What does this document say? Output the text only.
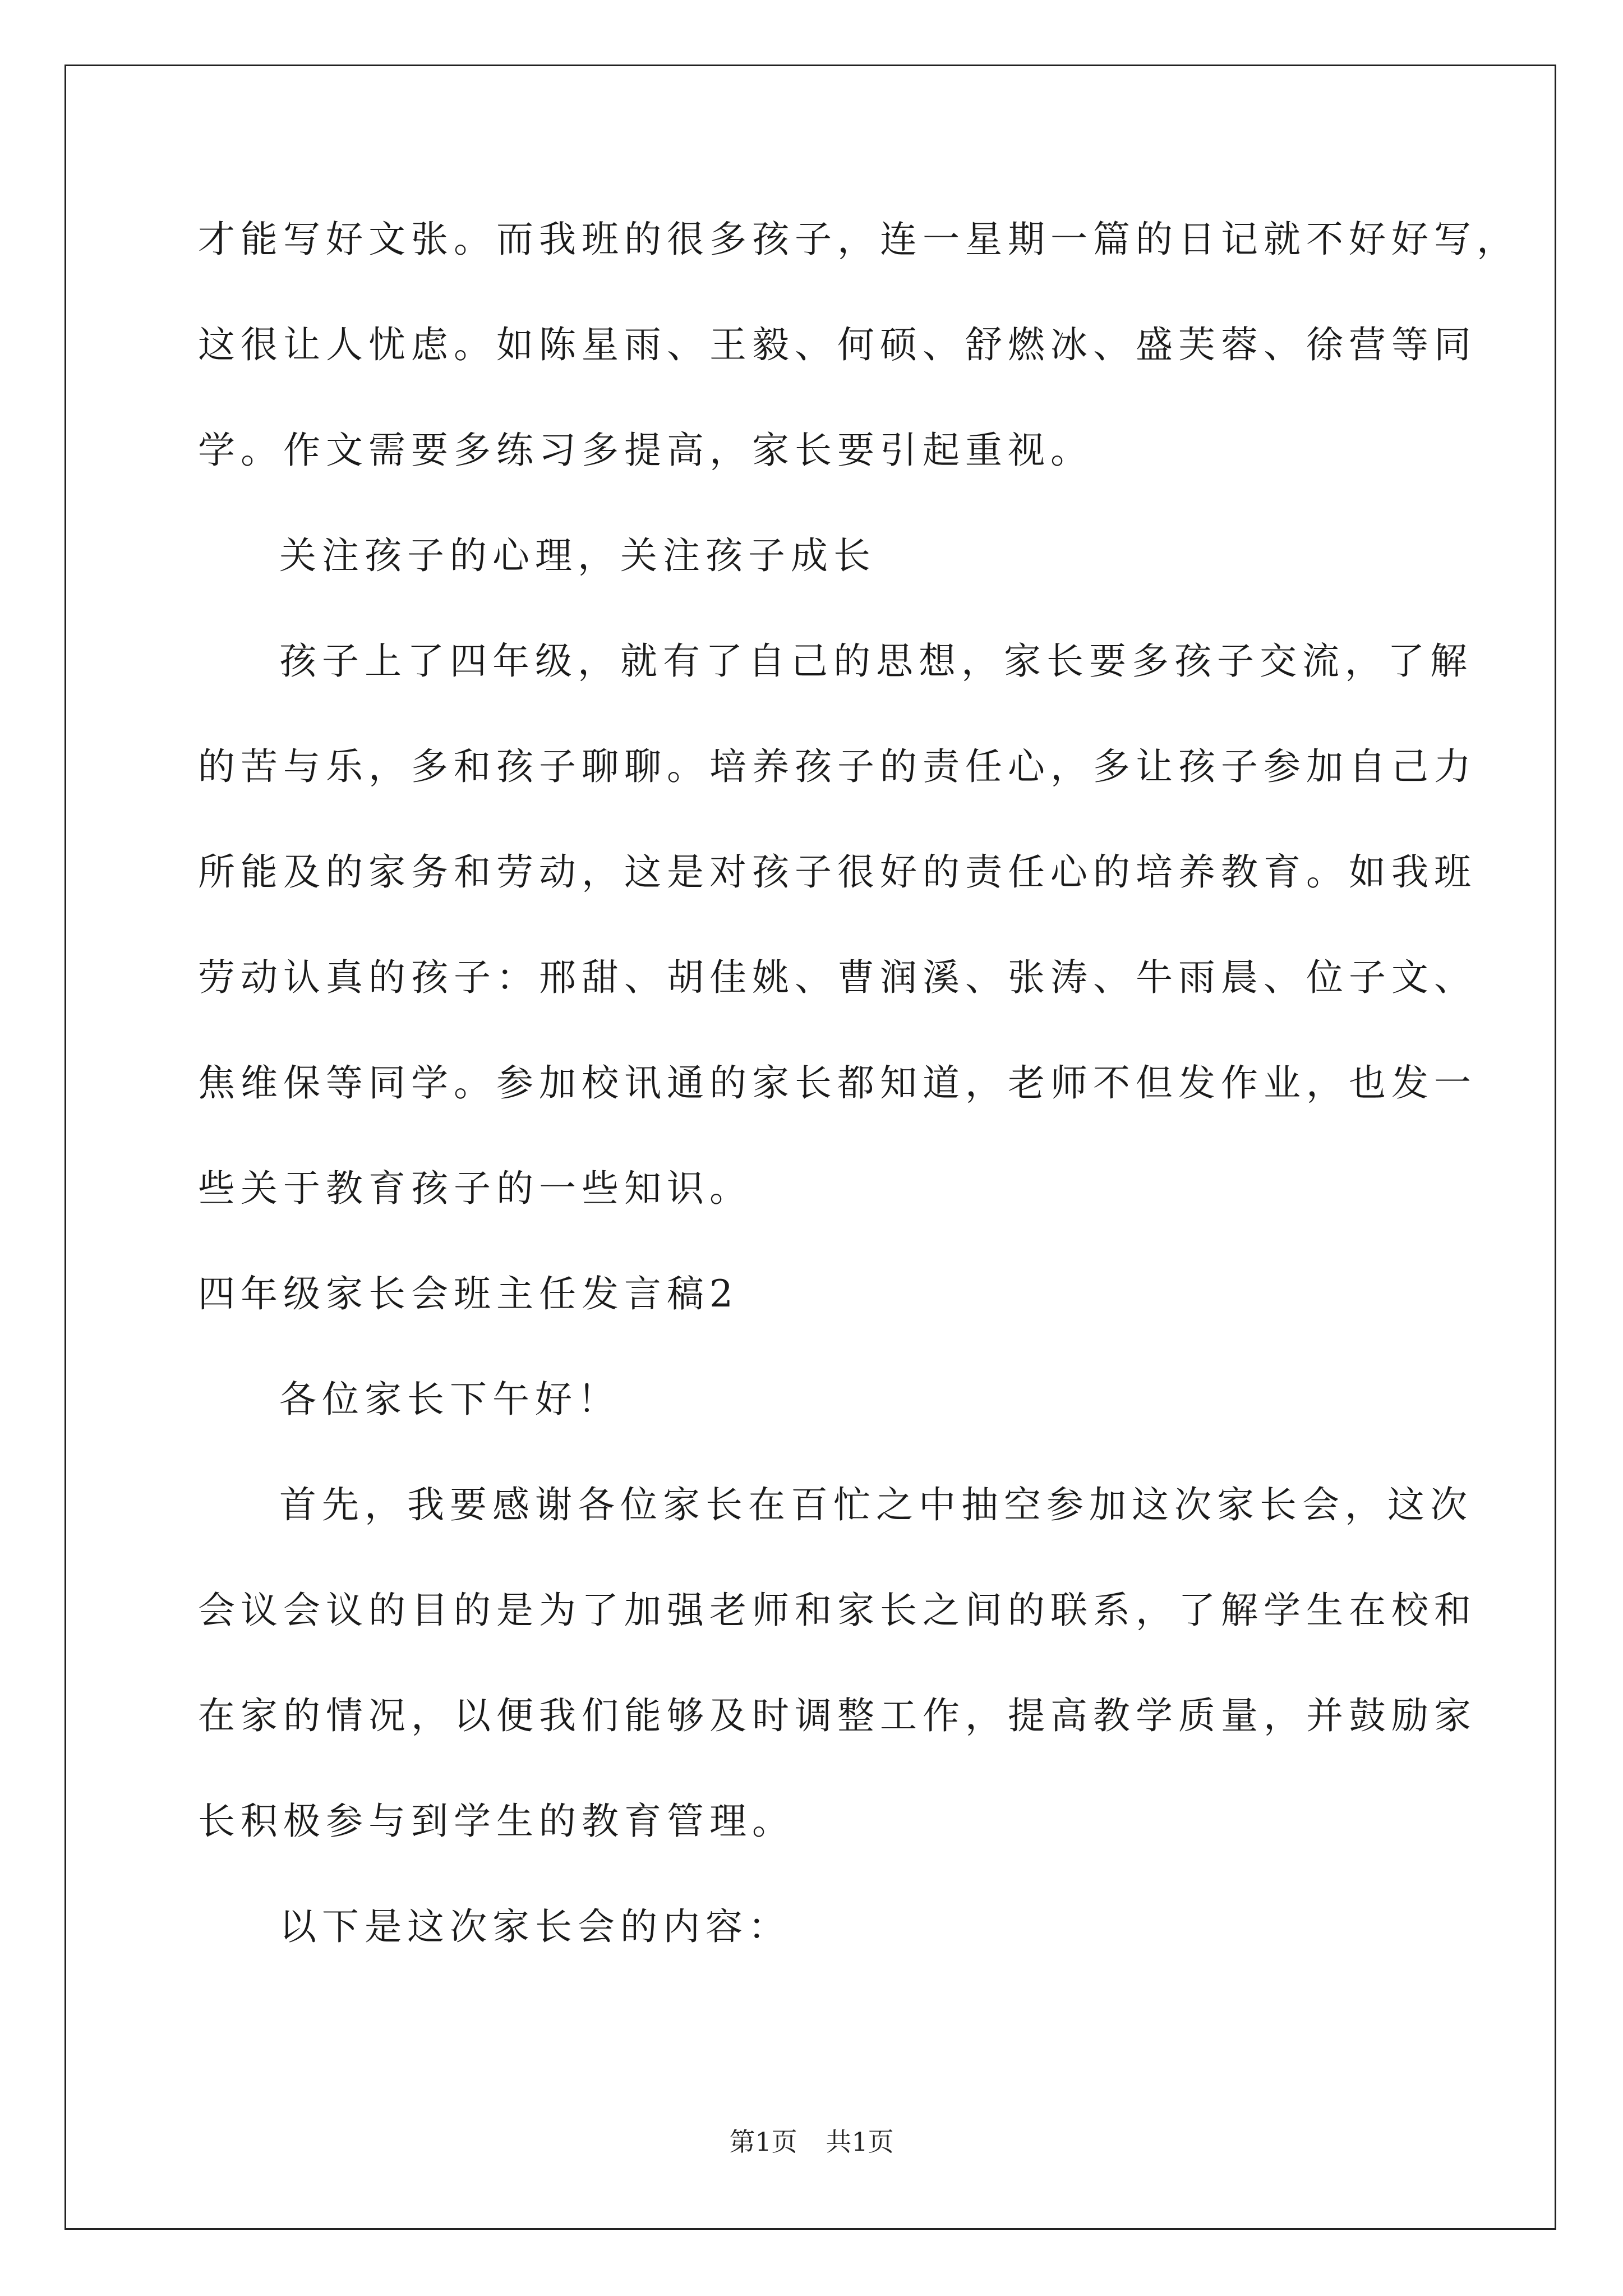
才能写好文张。而我班的很多孩子，连一星期一篇的日记就不好好写，
这很让人忧虑。如陈星雨、王毅、何硕、舒燃冰、盛芙蓉、徐营等同
学。作文需要多练习多提高，家长要引起重视。
关注孩子的心理，关注孩子成长
孩子上了四年级，就有了自己的思想，家长要多孩子交流，了解
的苦与乐，多和孩子聊聊。培养孩子的责任心，多让孩子参加自己力
所能及的家务和劳动，这是对孩子很好的责任心的培养教育。如我班
劳动认真的孩子：邢甜、胡佳姚、曹润溪、张涛、牛雨晨、位子文、
焦维保等同学。参加校讯通的家长都知道，老师不但发作业，也发一
些关于教育孩子的一些知识。
四年级家长会班主任发言稿2
各位家长下午好！
首先，我要感谢各位家长在百忙之中抽空参加这次家长会，这次
会议会议的目的是为了加强老师和家长之间的联系，了解学生在校和
在家的情况，以便我们能够及时调整工作，提高教学质量，并鼓励家
长积极参与到学生的教育管理。
以下是这次家长会的内容：
第1页 共1页
